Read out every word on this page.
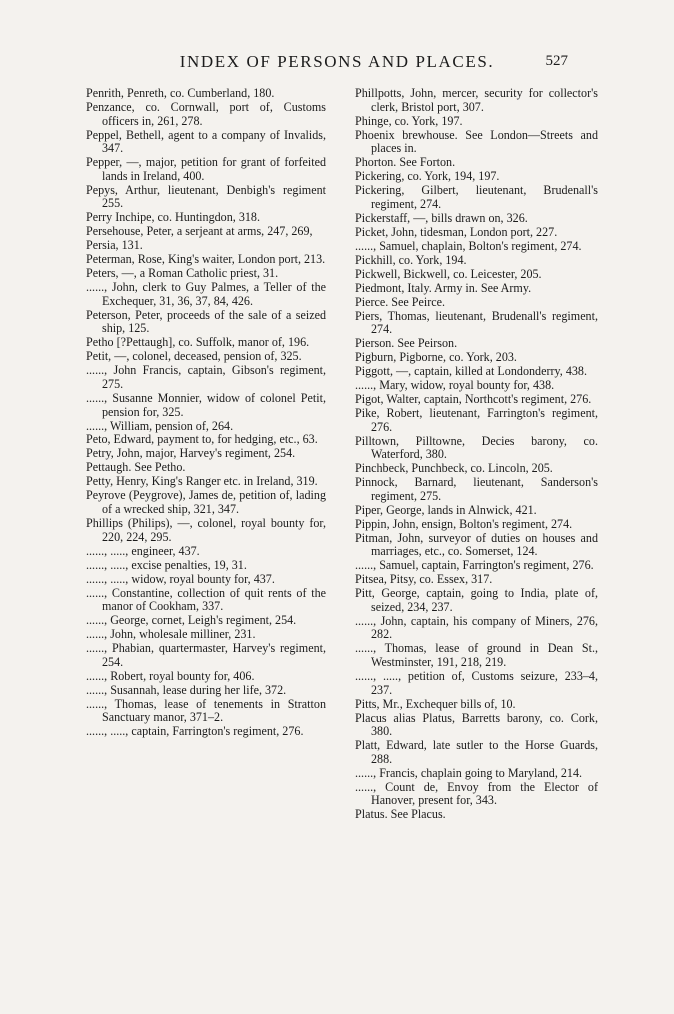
INDEX OF PERSONS AND PLACES.	527
Penrith, Penreth, co. Cumberland, 180.
Penzance, co. Cornwall, port of, Customs officers in, 261, 278.
Peppel, Bethell, agent to a company of Invalids, 347.
Pepper, —, major, petition for grant of forfeited lands in Ireland, 400.
Pepys, Arthur, lieutenant, Denbigh's regiment 255.
Perry Inchipe, co. Huntingdon, 318.
Persehouse, Peter, a serjeant at arms, 247, 269,
Persia, 131.
Peterman, Rose, King's waiter, London port, 213.
Peters, —, a Roman Catholic priest, 31.
......, John, clerk to Guy Palmes, a Teller of the Exchequer, 31, 36, 37, 84, 426.
Peterson, Peter, proceeds of the sale of a seized ship, 125.
Petho [?Pettaugh], co. Suffolk, manor of, 196.
Petit, —, colonel, deceased, pension of, 325.
......, John Francis, captain, Gibson's regiment, 275.
......, Susanne Monnier, widow of colonel Petit, pension for, 325.
......, William, pension of, 264.
Peto, Edward, payment to, for hedging, etc., 63.
Petry, John, major, Harvey's regiment, 254.
Pettaugh. See Petho.
Petty, Henry, King's Ranger etc. in Ireland, 319.
Peyrove (Peygrove), James de, petition of, lading of a wrecked ship, 321, 347.
Phillips (Philips), —, colonel, royal bounty for, 220, 224, 295.
......, ....., engineer, 437.
......, ....., excise penalties, 19, 31.
......, ....., widow, royal bounty for, 437.
......, Constantine, collection of quit rents of the manor of Cookham, 337.
......, George, cornet, Leigh's regiment, 254.
......, John, wholesale milliner, 231.
......, Phabian, quartermaster, Harvey's regiment, 254.
......, Robert, royal bounty for, 406.
......, Susannah, lease during her life, 372.
......, Thomas, lease of tenements in Stratton Sanctuary manor, 371–2.
......, ....., captain, Farrington's regiment, 276.
Phillpotts, John, mercer, security for collector's clerk, Bristol port, 307.
Phinge, co. York, 197.
Phoenix brewhouse. See London—Streets and places in.
Phorton. See Forton.
Pickering, co. York, 194, 197.
Pickering, Gilbert, lieutenant, Brudenall's regiment, 274.
Pickerstaff, —, bills drawn on, 326.
Picket, John, tidesman, London port, 227.
......, Samuel, chaplain, Bolton's regiment, 274.
Pickhill, co. York, 194.
Pickwell, Bickwell, co. Leicester, 205.
Piedmont, Italy. Army in. See Army.
Pierce. See Peirce.
Piers, Thomas, lieutenant, Brudenall's regiment, 274.
Pierson. See Peirson.
Pigburn, Pigborne, co. York, 203.
Piggott, —, captain, killed at Londonderry, 438.
......, Mary, widow, royal bounty for, 438.
Pigot, Walter, captain, Northcott's regiment, 276.
Pike, Robert, lieutenant, Farrington's regiment, 276.
Pilltown, Pilltowne, Decies barony, co. Waterford, 380.
Pinchbeck, Punchbeck, co. Lincoln, 205.
Pinnock, Barnard, lieutenant, Sanderson's regiment, 275.
Piper, George, lands in Alnwick, 421.
Pippin, John, ensign, Bolton's regiment, 274.
Pitman, John, surveyor of duties on houses and marriages, etc., co. Somerset, 124.
......, Samuel, captain, Farrington's regiment, 276.
Pitsea, Pitsy, co. Essex, 317.
Pitt, George, captain, going to India, plate of, seized, 234, 237.
......, John, captain, his company of Miners, 276, 282.
......, Thomas, lease of ground in Dean St., Westminster, 191, 218, 219.
......, ....., petition of, Customs seizure, 233–4, 237.
Pitts, Mr., Exchequer bills of, 10.
Placus alias Platus, Barretts barony, co. Cork, 380.
Platt, Edward, late sutler to the Horse Guards, 288.
......, Francis, chaplain going to Maryland, 214.
......, Count de, Envoy from the Elector of Hanover, present for, 343.
Platus. See Placus.
